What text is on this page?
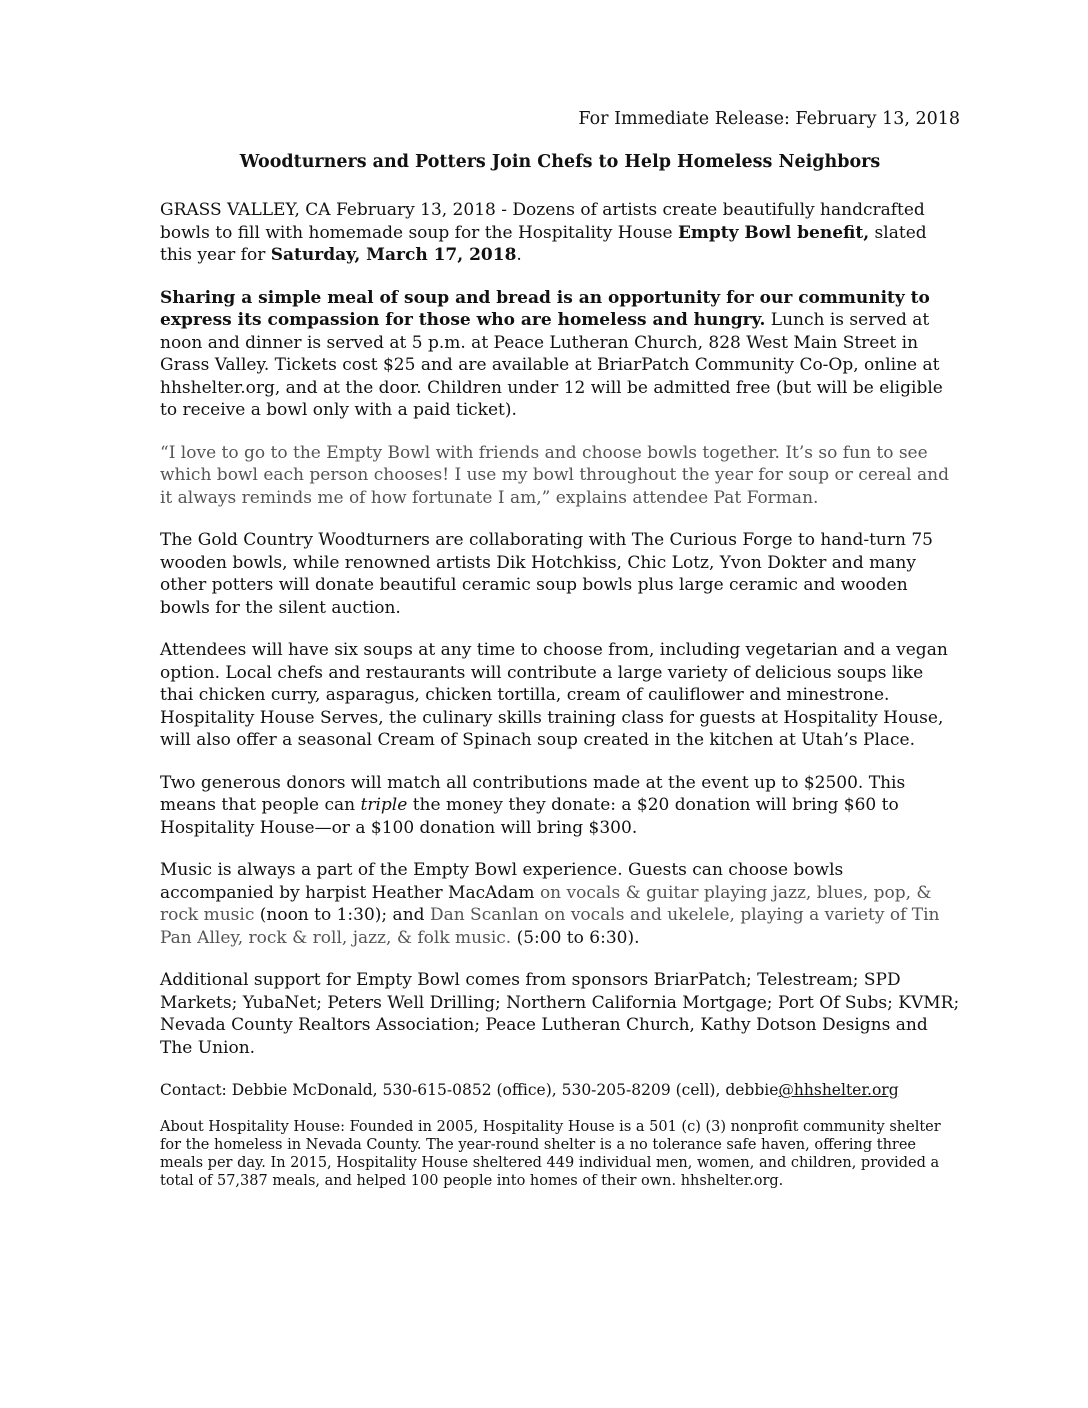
For Immediate Release: February 13, 2018
Woodturners and Potters Join Chefs to Help Homeless Neighbors

GRASS VALLEY, CA February 13, 2018 - Dozens of artists create beautifully handcrafted bowls to fill with homemade soup for the Hospitality House Empty Bowl benefit, slated this year for Saturday, March 17, 2018.

Sharing a simple meal of soup and bread is an opportunity for our community to express its compassion for those who are homeless and hungry. Lunch is served at noon and dinner is served at 5 p.m. at Peace Lutheran Church, 828 West Main Street in Grass Valley. Tickets cost $25 and are available at BriarPatch Community Co-Op, online at hhshelter.org, and at the door. Children under 12 will be admitted free (but will be eligible to receive a bowl only with a paid ticket).

“I love to go to the Empty Bowl with friends and choose bowls together. It’s so fun to see which bowl each person chooses! I use my bowl throughout the year for soup or cereal and it always reminds me of how fortunate I am,” explains attendee Pat Forman.

The Gold Country Woodturners are collaborating with The Curious Forge to hand-turn 75 wooden bowls, while renowned artists Dik Hotchkiss, Chic Lotz, Yvon Dokter and many other potters will donate beautiful ceramic soup bowls plus large ceramic and wooden bowls for the silent auction.

Attendees will have six soups at any time to choose from, including vegetarian and a vegan option. Local chefs and restaurants will contribute a large variety of delicious soups like thai chicken curry, asparagus, chicken tortilla, cream of cauliflower and minestrone. Hospitality House Serves, the culinary skills training class for guests at Hospitality House, will also offer a seasonal Cream of Spinach soup created in the kitchen at Utah’s Place.

Two generous donors will match all contributions made at the event up to $2500. This means that people can triple the money they donate: a $20 donation will bring $60 to Hospitality House—or a $100 donation will bring $300.

Music is always a part of the Empty Bowl experience. Guests can choose bowls accompanied by harpist Heather MacAdam on vocals & guitar playing jazz, blues, pop, & rock music (noon to 1:30); and Dan Scanlan on vocals and ukelele, playing a variety of Tin Pan Alley, rock & roll, jazz, & folk music. (5:00 to 6:30).

Additional support for Empty Bowl comes from sponsors BriarPatch; Telestream; SPD Markets; YubaNet; Peters Well Drilling; Northern California Mortgage; Port Of Subs; KVMR; Nevada County Realtors Association; Peace Lutheran Church, Kathy Dotson Designs and The Union.

Contact: Debbie McDonald, 530-615-0852 (office), 530-205-8209 (cell), debbie@hhshelter.org
About Hospitality House: Founded in 2005, Hospitality House is a 501 (c) (3) nonprofit community shelter for the homeless in Nevada County. The year-round shelter is a no tolerance safe haven, offering three meals per day. In 2015, Hospitality House sheltered 449 individual men, women, and children, provided a total of 57,387 meals, and helped 100 people into homes of their own. hhshelter.org.
